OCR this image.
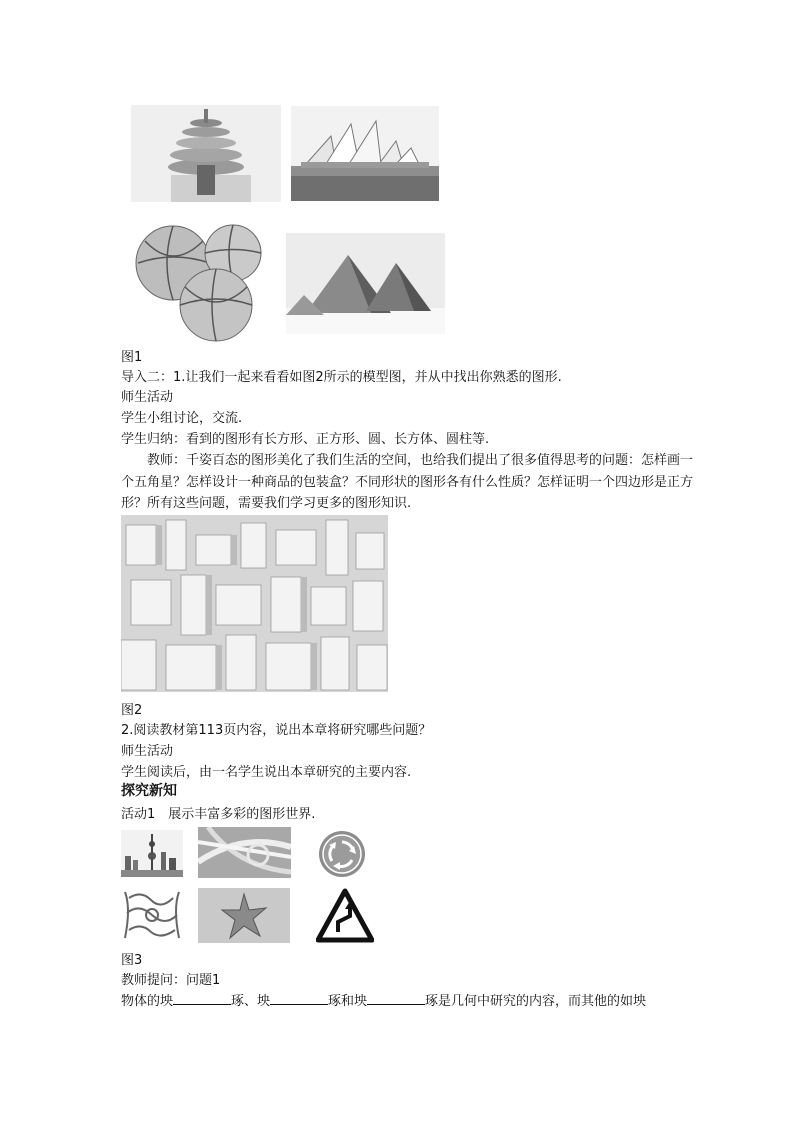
图1
导入二：1.让我们一起来看看如图2所示的模型图，并从中找出你熟悉的图形.
师生活动
学生小组讨论，交流.
学生归纳：看到的图形有长方形、正方形、圆、长方体、圆柱等.
教师：千姿百态的图形美化了我们生活的空间，也给我们提出了很多值得思考的问题：怎样画一个五角星？怎样设计一种商品的包装盒？不同形状的图形各有什么性质？怎样证明一个四边形是正方形？所有这些问题，需要我们学习更多的图形知识.
图2
2.阅读教材第113页内容，说出本章将研究哪些问题？
师生活动
学生阅读后，由一名学生说出本章研究的主要内容.
探究新知
活动1　展示丰富多彩的图形世界.
图3
教师提问：问题1
物体的坱	琢、坱	琢和坱	琢是几何中研究的内容，而其他的如坱
